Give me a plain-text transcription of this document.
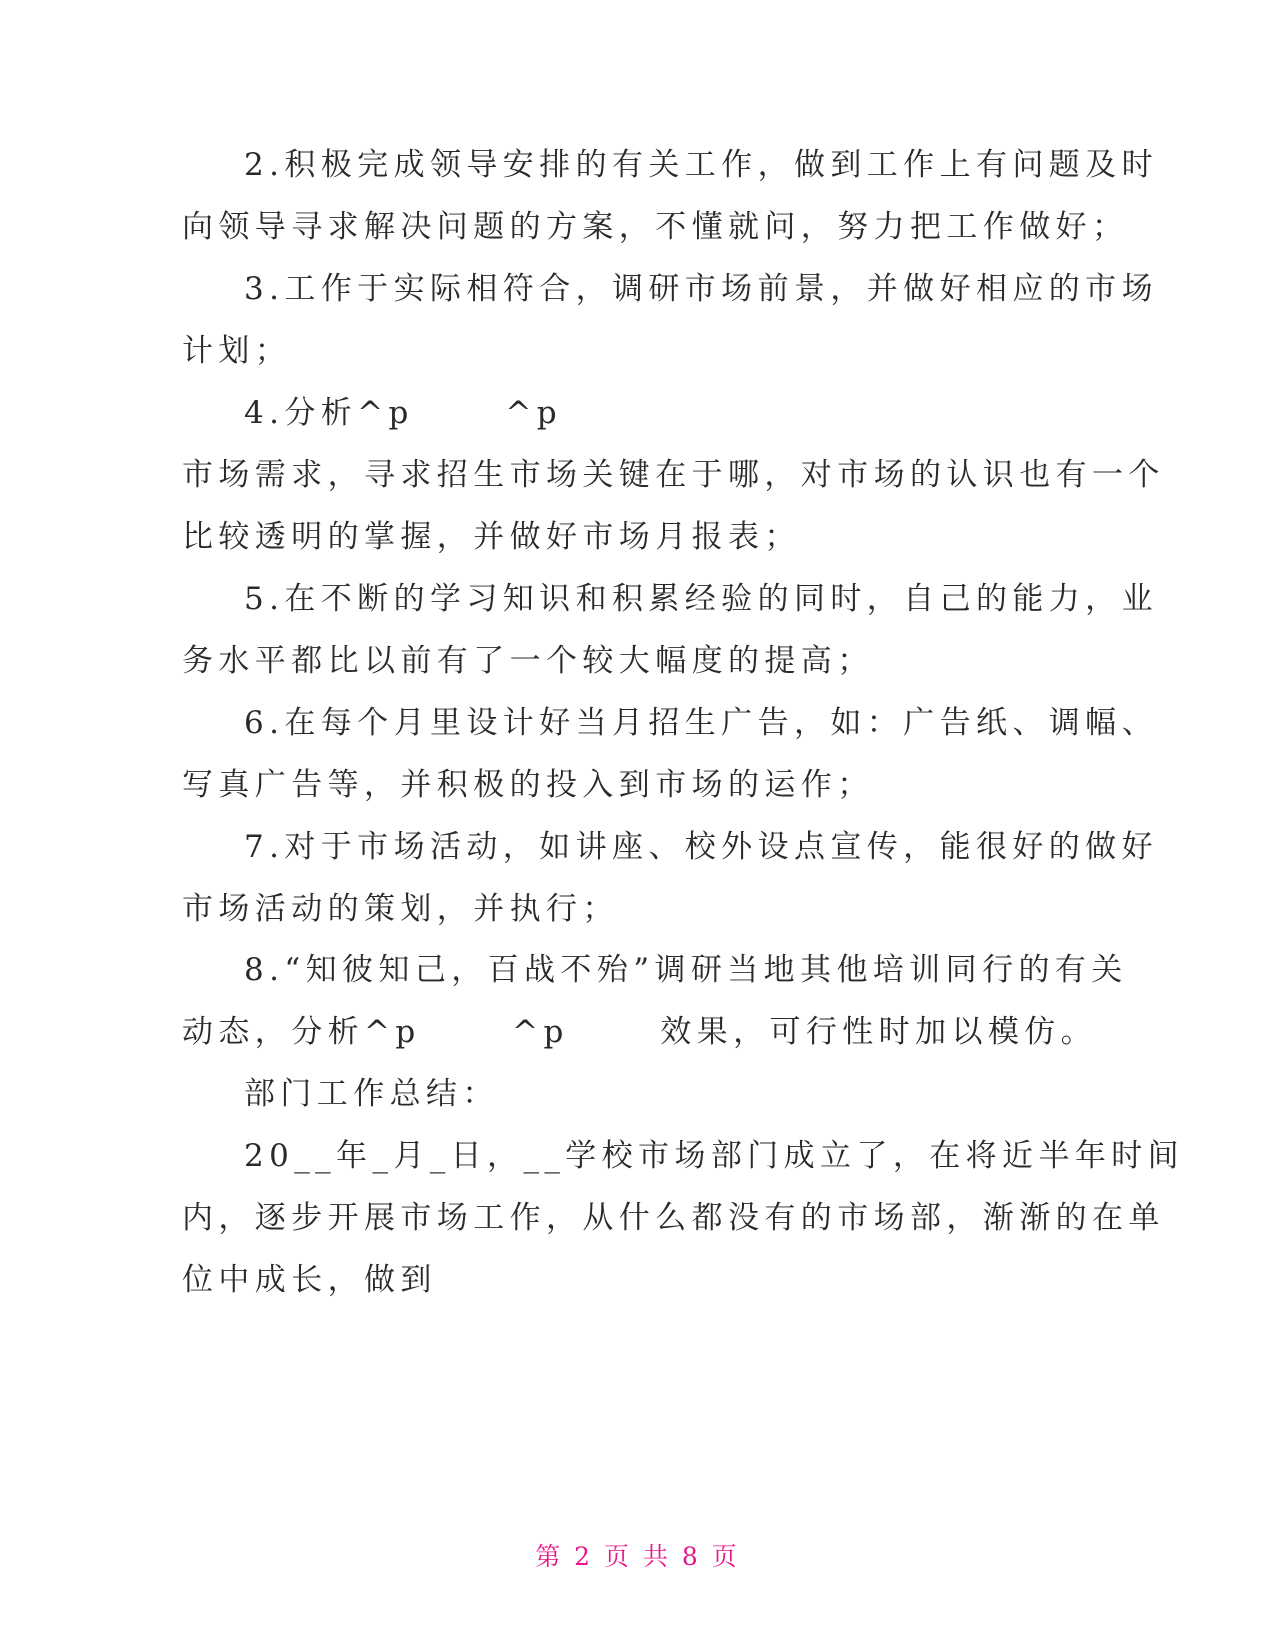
2.积极完成领导安排的有关工作，做到工作上有问题及时
向领导寻求解决问题的方案，不懂就问，努力把工作做好；
3.工作于实际相符合，调研市场前景，并做好相应的市场
计划；
4.分析^p      ^p
市场需求，寻求招生市场关键在于哪，对市场的认识也有一个
比较透明的掌握，并做好市场月报表；
5.在不断的学习知识和积累经验的同时，自己的能力，业
务水平都比以前有了一个较大幅度的提高；
6.在每个月里设计好当月招生广告，如：广告纸、调幅、
写真广告等，并积极的投入到市场的运作；
7.对于市场活动，如讲座、校外设点宣传，能很好的做好
市场活动的策划，并执行；
8.“知彼知己，百战不殆”调研当地其他培训同行的有关
动态，分析^p      ^p      效果，可行性时加以模仿。
部门工作总结：
20__年_月_日，__学校市场部门成立了，在将近半年时间
内，逐步开展市场工作，从什么都没有的市场部，渐渐的在单
位中成长，做到
第 2 页 共 8 页
